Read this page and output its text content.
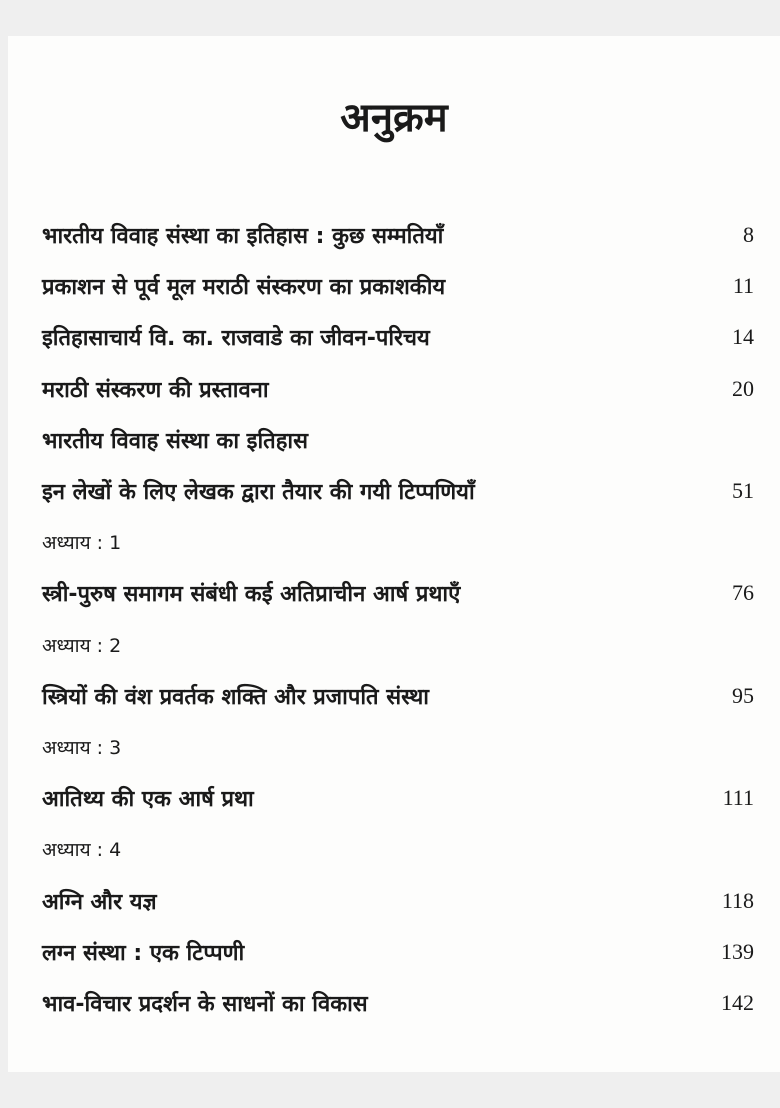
अनुक्रम
भारतीय विवाह संस्था का इतिहास : कुछ सम्मतियाँ	8
प्रकाशन से पूर्व मूल मराठी संस्करण का प्रकाशकीय	11
इतिहासाचार्य वि. का. राजवाडे का जीवन-परिचय	14
मराठी संस्करण की प्रस्तावना	20
भारतीय विवाह संस्था का इतिहास
इन लेखों के लिए लेखक द्वारा तैयार की गयी टिप्पणियाँ	51
अध्याय : 1
स्त्री-पुरुष समागम संबंधी कई अतिप्राचीन आर्ष प्रथाएँ	76
अध्याय : 2
स्त्रियों की वंश प्रवर्तक शक्ति और प्रजापति संस्था	95
अध्याय : 3
आतिथ्य की एक आर्ष प्रथा	111
अध्याय : 4
अग्नि और यज्ञ	118
लग्न संस्था : एक टिप्पणी	139
भाव-विचार प्रदर्शन के साधनों का विकास	142
